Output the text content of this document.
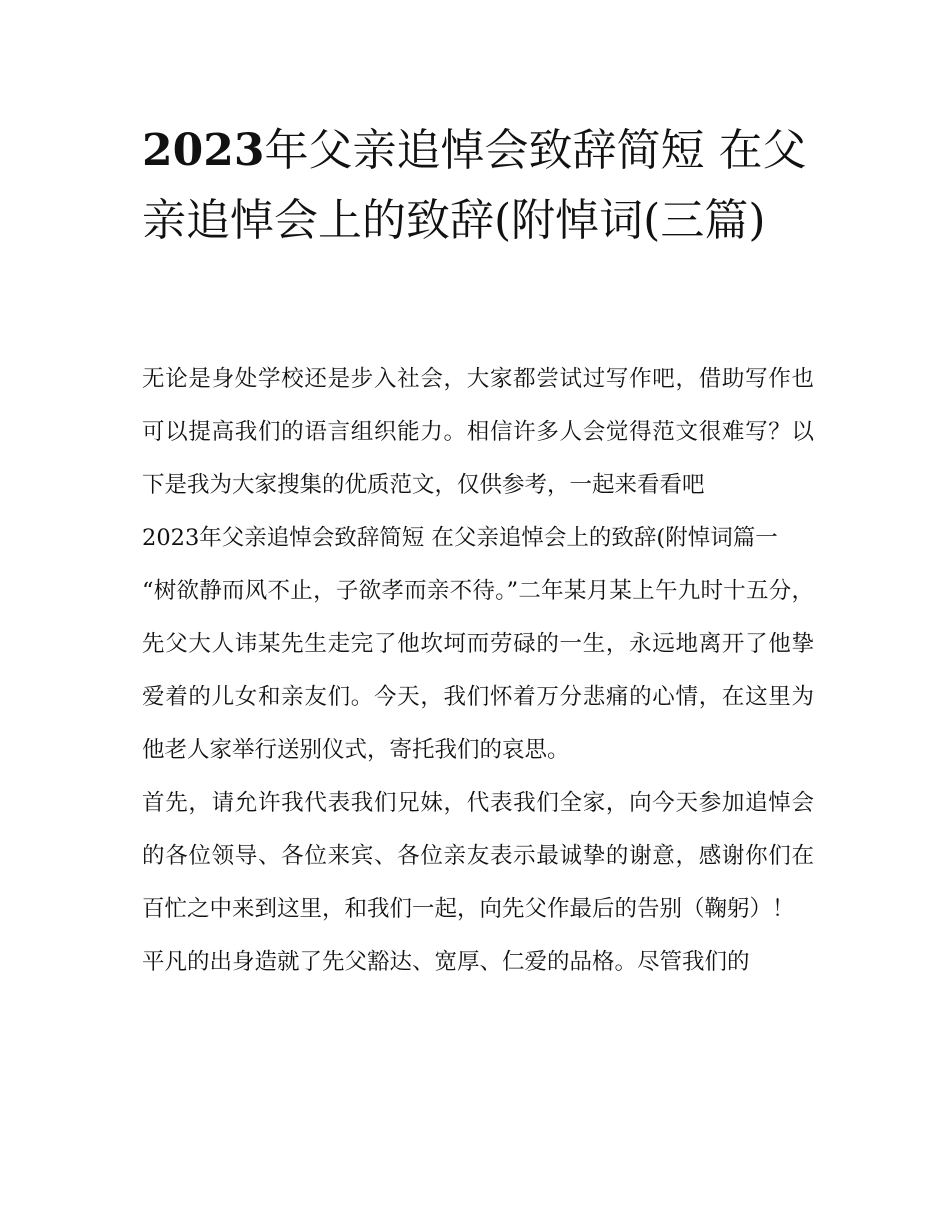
2023年父亲追悼会致辞简短 在父亲追悼会上的致辞(附悼词(三篇)

无论是身处学校还是步入社会，大家都尝试过写作吧，借助写作也可以提高我们的语言组织能力。相信许多人会觉得范文很难写？以下是我为大家搜集的优质范文，仅供参考，一起来看看吧

2023年父亲追悼会致辞简短 在父亲追悼会上的致辞(附悼词篇一

“树欲静而风不止，子欲孝而亲不待。”二年某月某上午九时十五分，先父大人讳某先生走完了他坎坷而劳碌的一生，永远地离开了他挚爱着的儿女和亲友们。今天，我们怀着万分悲痛的心情，在这里为他老人家举行送别仪式，寄托我们的哀思。

首先，请允许我代表我们兄妹，代表我们全家，向今天参加追悼会的各位领导、各位来宾、各位亲友表示最诚挚的谢意，感谢你们在百忙之中来到这里，和我们一起，向先父作最后的告别（鞠躬）！

平凡的出身造就了先父豁达、宽厚、仁爱的品格。尽管我们的
